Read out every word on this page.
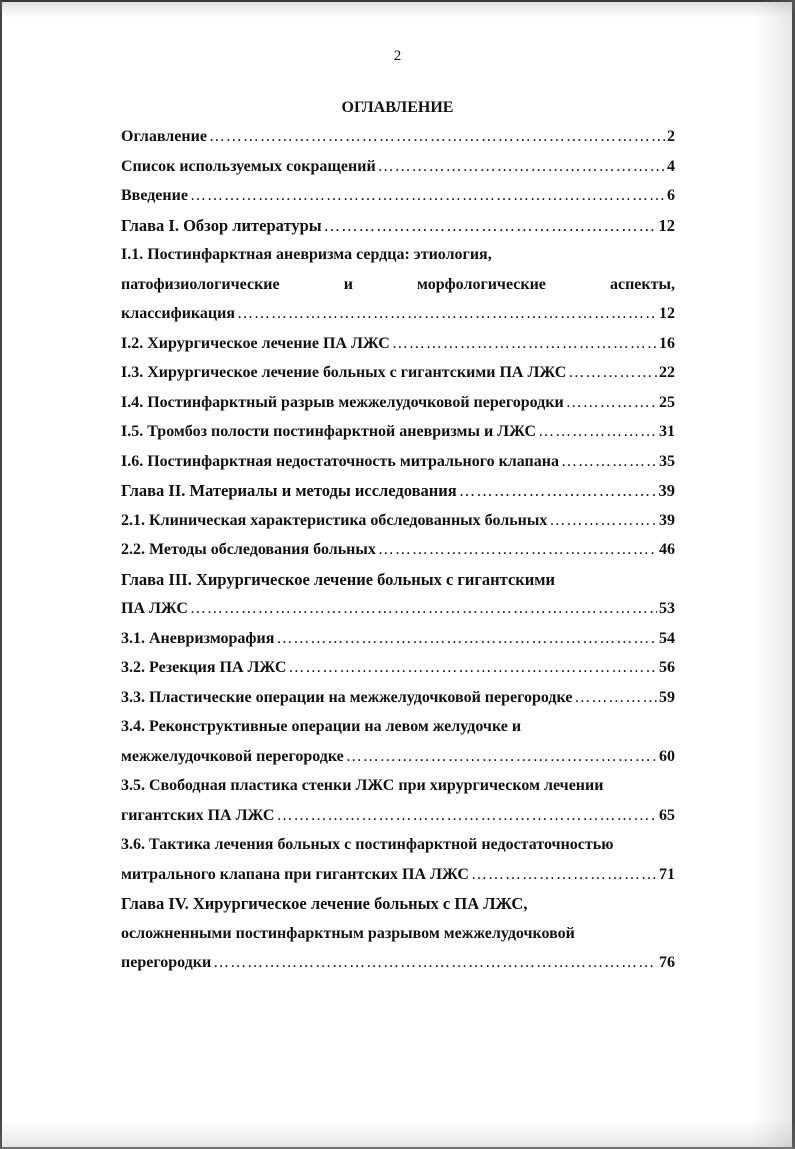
2
ОГЛАВЛЕНИЕ
Оглавление ……………………………………………………………………………………………………………………………………………………………………	2
Список используемых сокращений ……………………………………………………………………………………………………………………………………………………………………	4
Введение ……………………………………………………………………………………………………………………………………………………………………	6
Глава I. Обзор литературы ……………………………………………………………………………………………………………………………………………………………………	12
I.1. Постинфарктная аневризма сердца: этиология,
патофизиологические	и	морфологические	аспекты,
классификация ……………………………………………………………………………………………………………………………………………………………………	12
I.2. Хирургическое лечение ПА ЛЖС ……………………………………………………………………………………………………………………………………………………………………	16
I.3. Хирургическое лечение больных с гигантскими ПА ЛЖС ……………………………………………………………………………………………………………………………………………………………………	22
I.4. Постинфарктный разрыв межжелудочковой перегородки ……………………………………………………………………………………………………………………………………………………………………	25
I.5. Тромбоз полости постинфарктной аневризмы и ЛЖС ……………………………………………………………………………………………………………………………………………………………………	31
I.6. Постинфарктная недостаточность митрального клапана ……………………………………………………………………………………………………………………………………………………………………	35
Глава II. Материалы и методы исследования ……………………………………………………………………………………………………………………………………………………………………	39
2.1. Клиническая характеристика обследованных больных ……………………………………………………………………………………………………………………………………………………………………	39
2.2. Методы обследования больных ……………………………………………………………………………………………………………………………………………………………………	46
Глава III. Хирургическое лечение больных с гигантскими
ПА ЛЖС ……………………………………………………………………………………………………………………………………………………………………	53
3.1. Аневризморафия ……………………………………………………………………………………………………………………………………………………………………	54
3.2. Резекция ПА ЛЖС ……………………………………………………………………………………………………………………………………………………………………	56
3.3. Пластические операции на межжелудочковой перегородке ……………………………………………………………………………………………………………………………………………………………………	59
3.4. Реконструктивные операции на левом желудочке и
межжелудочковой перегородке ……………………………………………………………………………………………………………………………………………………………………	60
3.5. Свободная пластика стенки ЛЖС при хирургическом лечении
гигантских ПА ЛЖС ……………………………………………………………………………………………………………………………………………………………………	65
3.6. Тактика лечения больных с постинфарктной недостаточностью
митрального клапана при гигантских ПА ЛЖС ……………………………………………………………………………………………………………………………………………………………………	71
Глава IV. Хирургическое лечение больных с ПА ЛЖС,
осложненными постинфарктным разрывом межжелудочковой
перегородки ……………………………………………………………………………………………………………………………………………………………………	76
